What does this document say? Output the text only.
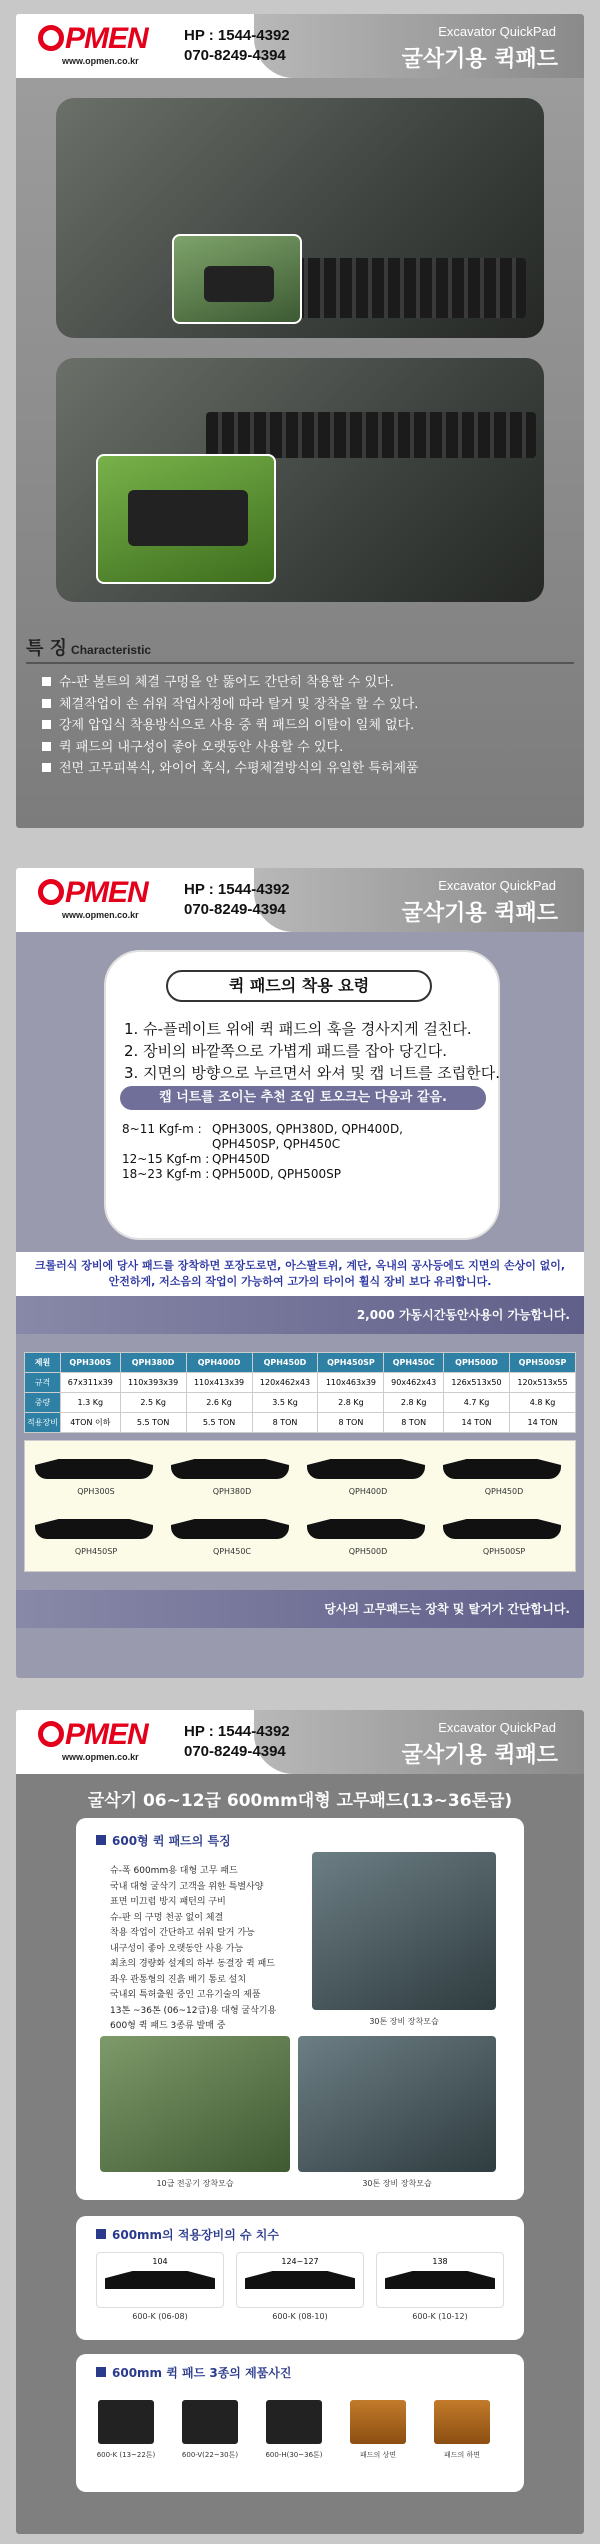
PMEN
www.opmen.co.kr
HP : 1544-4392
070-8249-4394
Excavator QuickPad
굴삭기용 퀵패드
특 징 Characteristic
슈-판 볼트의 체결 구멍을 안 뚫어도 간단히 착용할 수 있다.
체결작업이 손 쉬워 작업사정에 따라 탈거 및 장착을 할 수 있다.
강제 압입식 착용방식으로 사용 중 퀵 패드의 이탈이 일체 없다.
퀵 패드의 내구성이 좋아 오랫동안 사용할 수 있다.
전면 고무피복식, 와이어 혹식, 수평체결방식의 유일한 특허제품
PMEN
www.opmen.co.kr
HP : 1544-4392
070-8249-4394
Excavator QuickPad
굴삭기용 퀵패드
퀵 패드의 착용 요령
1. 슈-플레이트 위에 퀵 패드의 훅을 경사지게 걸친다.
2. 장비의 바깥쪽으로 가볍게 패드를 잡아 당긴다.
3. 지면의 방향으로 누르면서 와셔 및 캡 너트를 조립한다.
캡 너트를 조이는 추천 조임 토오크는 다음과 같음.
8~11 Kgf-m : QPH300S, QPH380D, QPH400D,
QPH450SP, QPH450C
12~15 Kgf-m : QPH450D
18~23 Kgf-m : QPH500D, QPH500SP
크롤러식 장비에 당사 패드를 장착하면 포장도로면, 아스팔트위, 계단, 옥내의 공사등에도 지면의 손상이 없이, 안전하게, 저소음의 작업이 가능하여 고가의 타이어 휠식 장비 보다 유리합니다.
2,000 가동시간동안사용이 가능합니다.
제원	QPH300S	QPH380D	QPH400D	QPH450D	QPH450SP	QPH450C	QPH500D	QPH500SP
규격	67x311x39	110x393x39	110x413x39	120x462x43	110x463x39	90x462x43	126x513x50	120x513x55
중량	1.3 Kg	2.5 Kg	2.6 Kg	3.5 Kg	2.8 Kg	2.8 Kg	4.7 Kg	4.8 Kg
적용장비	4TON 이하	5.5 TON	5.5 TON	8 TON	8 TON	8 TON	14 TON	14 TON
QPH300S	QPH380D	QPH400D	QPH450D
QPH450SP	QPH450C	QPH500D	QPH500SP
당사의 고무패드는 장착 및 탈거가 간단합니다.
PMEN
www.opmen.co.kr
HP : 1544-4392
070-8249-4394
Excavator QuickPad
굴삭기용 퀵패드
굴삭기 06~12급 600mm대형 고무패드(13~36톤급)
600형 퀵 패드의 특징
슈-폭 600mm용 대형 고무 패드
국내 대형 굴삭기 고객을 위한 특별사양
표면 미끄럼 방지 패턴의 구비
슈-판 의 구멍 천공 없이 체결
착용 작업이 간단하고 쉬워 탈거 가능
내구성이 좋아 오랫동안 사용 가능
최초의 경량화 설계의 하부 동결장 퀵 패드
좌우 관통형의 진흙 배기 통로 설치
국내외 특허출원 중인 고유기술의 제품
13톤 ~36톤 (06~12급)용 대형 굴삭기용
600형 퀵 패드 3종류 발매 중	30톤 장비 장착모습
10급 전공기 장착모습	30톤 장비 장착모습
600mm의 적용장비의 슈 치수
104
600-K (06-08)
124~127
600-K (08-10)
138
600-K (10-12)
600mm 퀵 패드 3종의 제품사진
600-K (13~22톤)	600-V(22~30톤)	600-H(30~36톤)	패드의 상면	패드의 하면
